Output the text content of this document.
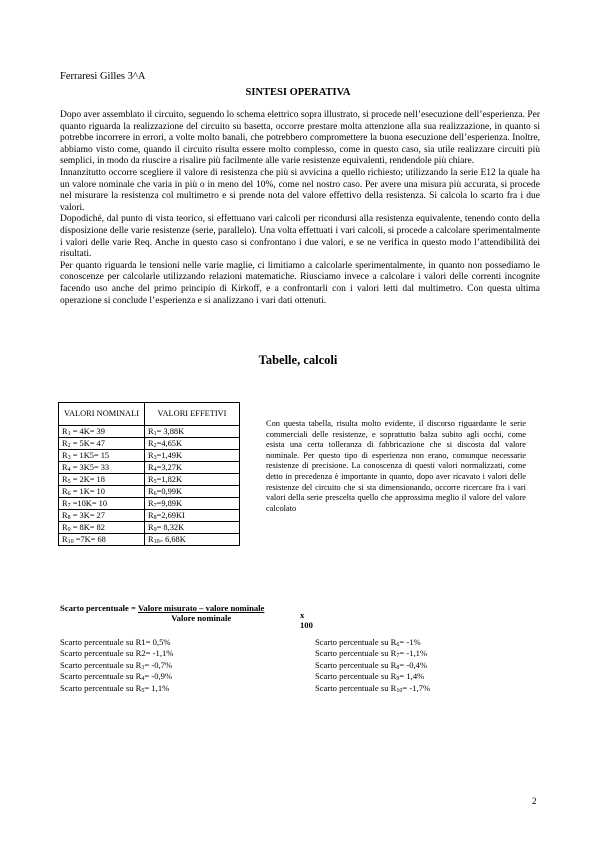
Ferraresi Gilles 3^A
SINTESI OPERATIVA

Dopo aver assemblato il circuito, seguendo lo schema elettrico sopra illustrato, si procede nell’esecuzione dell’esperienza. Per quanto riguarda la realizzazione del circuito su basetta, occorre prestare molta attenzione alla sua realizzazione, in quanto si potrebbe incorrere in errori, a volte molto banali, che potrebbero compromettere la buona esecuzione dell’esperienza. Inoltre, abbiamo visto come, quando il circuito risulta essere molto complesso, come in questo caso, sia utile realizzare circuiti più semplici, in modo da riuscire a risalire più facilmente alle varie resistenze equivalenti, rendendole più chiare.

Innanzitutto occorre scegliere il valore di resistenza che più si avvicina a quello richiesto; utilizzando la serie E12 la quale ha un valore nominale che varia in più o in meno del 10%, come nel nostro caso. Per avere una misura più accurata, si procede nel misurare la resistenza col multimetro e si prende nota del valore effettivo della resistenza. Si calcola lo scarto fra i due valori.

Dopodiché, dal punto di vista teorico, si effettuano vari calcoli per ricondursi alla resistenza equivalente, tenendo conto della disposizione delle varie resistenze (serie, parallelo). Una volta effettuati i vari calcoli, si procede a calcolare sperimentalmente i valori delle varie Req. Anche in questo caso si confrontano i due valori, e se ne verifica in questo modo l’attendibilità dei risultati.

Per quanto riguarda le tensioni nelle varie maglie, ci limitiamo a calcolarle sperimentalmente, in quanto non possediamo le conoscenze per calcolarle utilizzando relazioni matematiche. Riusciamo invece a calcolare i valori delle correnti incognite facendo uso anche del primo principio di Kirkoff, e a confrontarli con i valori letti dal multimetro. Con questa ultima operazione si conclude l’esperienza e si analizzano i vari dati ottenuti.

Tabelle, calcoli
VALORI NOMINALI	VALORI EFFETIVI
$R_1 = 4K= 39$	$R_1= 3,88K$
$R_2 = 5K= 47$	$R_2=4,65K$
$R_3 = 1K5= 15$	$R_3=1,49K$
$R_4 = 3K5= 33$	$R_4=3,27K$
$R_5 = 2K= 18$	$R_5=1,82K$
$R_6 = 1K= 10$	$R_6=0,99K$
$R_7 =10K= 10$	$R_7=9,89K$
$R_8 = 3K= 27$	$R_8=2,69KI$
$R_9 = 8K= 82$	$R_9= 8,32K$
$R_{10} =7K= 68$	$R_{10=}$ 6,68K

Con questa tabella, risulta molto evidente, il discorso riguardante le serie commerciali delle resistenze, e soprattutto balza subito agli occhi, come esista una certa tolleranza di fabbricazione che si discosta dal valore nominale. Per questo tipo di esperienza non erano, comunque necessarie resistenze di precisione. La conoscenza di questi valori normalizzati, come detto in precedenza è importante in quanto, dopo aver ricavato i valori delle resistenze del circuito che si sta dimensionando, occorre ricercare fra i vari valori della serie prescelta quello che approssima meglio il valore del valore calcolato

Scarto percentuale = $\frac{\text{Valore misurato – valore nominale}}{\text{Valore nominale}}$	x 100
Scarto percentuale su R1= 0,5%
Scarto percentuale su R2= -1,1%
Scarto percentuale su $R_3= -0,7\%$
Scarto percentuale su $R_4= -0,9\%$
Scarto percentuale su $R_5= 1,1\%$
Scarto percentuale su $R_6= -1\%$
Scarto percentuale su $R_7= -1,1\%$
Scarto percentuale su $R_8= -0,4\%$
Scarto percentuale su $R_9= 1,4\%$
Scarto percentuale su $R_{10}= -1,7\%$
2
